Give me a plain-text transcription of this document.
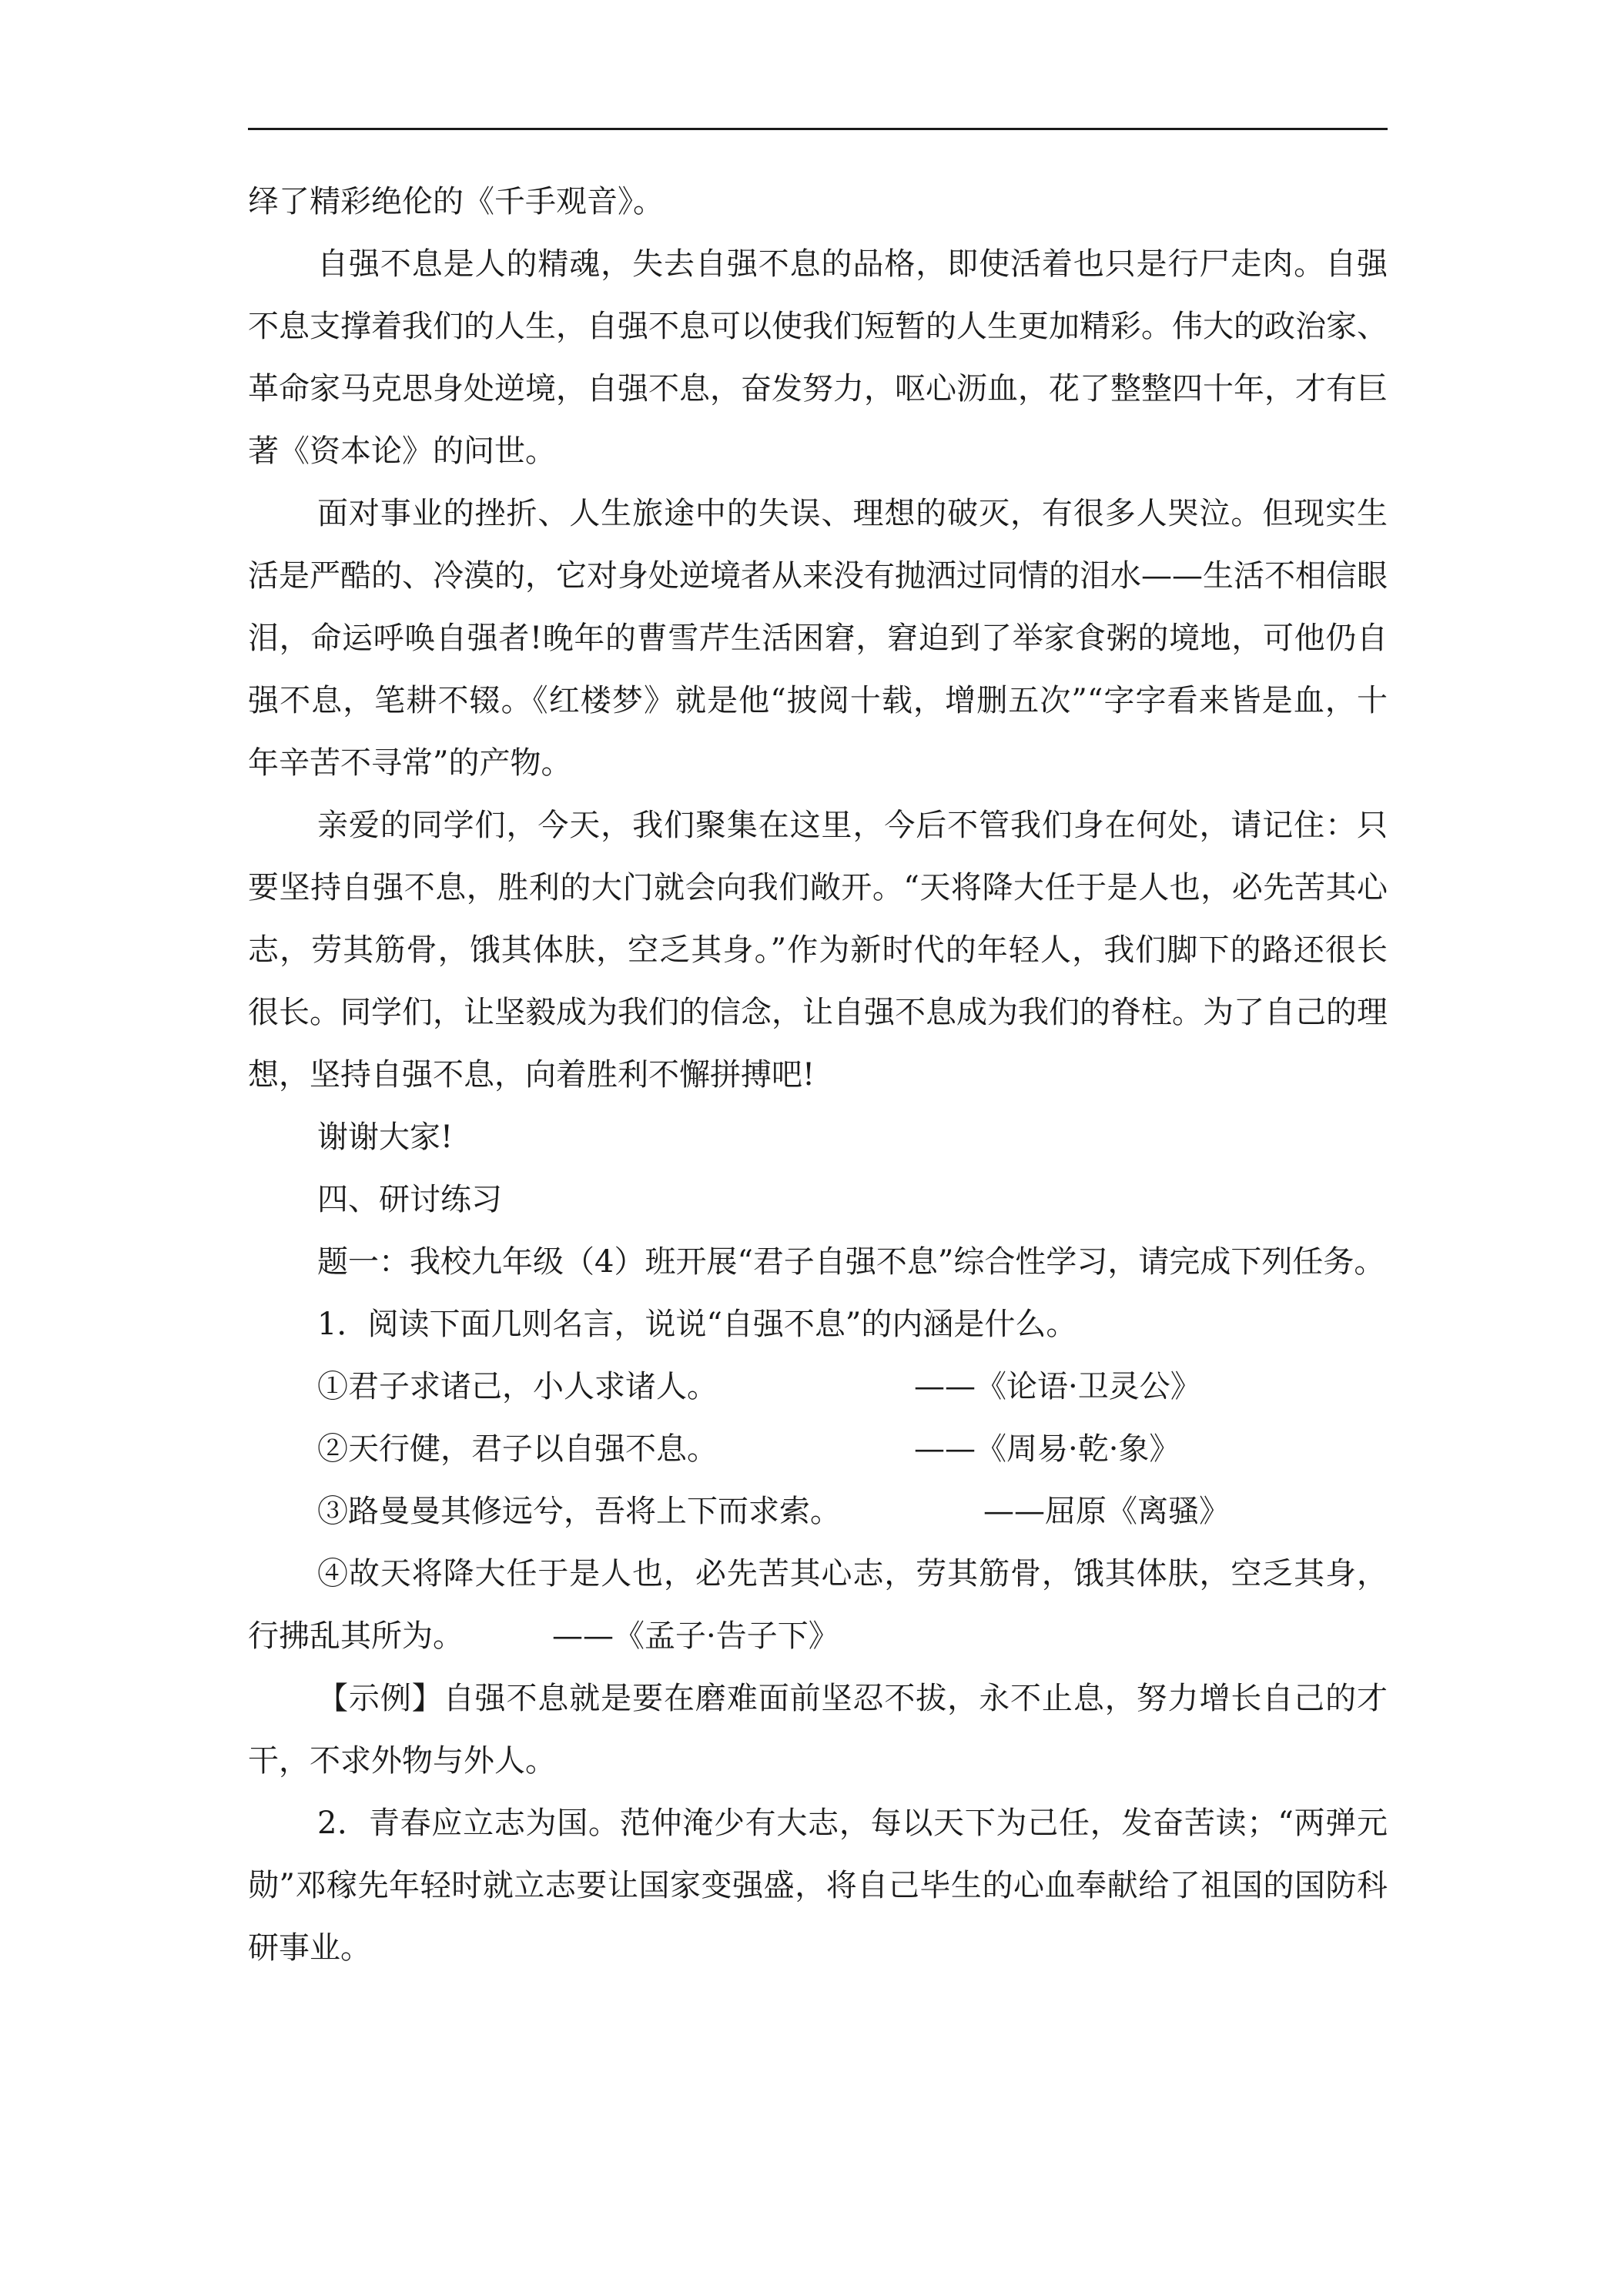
绎了精彩绝伦的《千手观音》。

自强不息是人的精魂，失去自强不息的品格，即使活着也只是行尸走肉。自强不息支撑着我们的人生，自强不息可以使我们短暂的人生更加精彩。伟大的政治家、革命家马克思身处逆境，自强不息，奋发努力，呕心沥血，花了整整四十年，才有巨著《资本论》的问世。

面对事业的挫折、人生旅途中的失误、理想的破灭，有很多人哭泣。但现实生活是严酷的、冷漠的，它对身处逆境者从来没有抛洒过同情的泪水——生活不相信眼泪，命运呼唤自强者!晚年的曹雪芹生活困窘，窘迫到了举家食粥的境地，可他仍自强不息，笔耕不辍。《红楼梦》就是他“披阅十载，增删五次”“字字看来皆是血，十年辛苦不寻常”的产物。

亲爱的同学们，今天，我们聚集在这里，今后不管我们身在何处，请记住：只要坚持自强不息，胜利的大门就会向我们敞开。“天将降大任于是人也，必先苦其心志，劳其筋骨，饿其体肤，空乏其身。”作为新时代的年轻人，我们脚下的路还很长很长。同学们，让坚毅成为我们的信念，让自强不息成为我们的脊柱。为了自己的理想，坚持自强不息，向着胜利不懈拼搏吧!

谢谢大家!

四、研讨练习

题一：我校九年级（4）班开展“君子自强不息”综合性学习，请完成下列任务。

1．阅读下面几则名言，说说“自强不息”的内涵是什么。

①君子求诸己，小人求诸人。	——《论语·卫灵公》
②天行健，君子以自强不息。	——《周易·乾·象》
③路曼曼其修远兮，吾将上下而求索。	——屈原《离骚》

④故天将降大任于是人也，必先苦其心志，劳其筋骨，饿其体肤，空乏其身，行拂乱其所为。	——《孟子·告子下》

【示例】自强不息就是要在磨难面前坚忍不拔，永不止息，努力增长自己的才干，不求外物与外人。

2．青春应立志为国。范仲淹少有大志，每以天下为己任，发奋苦读；“两弹元勋”邓稼先年轻时就立志要让国家变强盛，将自己毕生的心血奉献给了祖国的国防科研事业。
